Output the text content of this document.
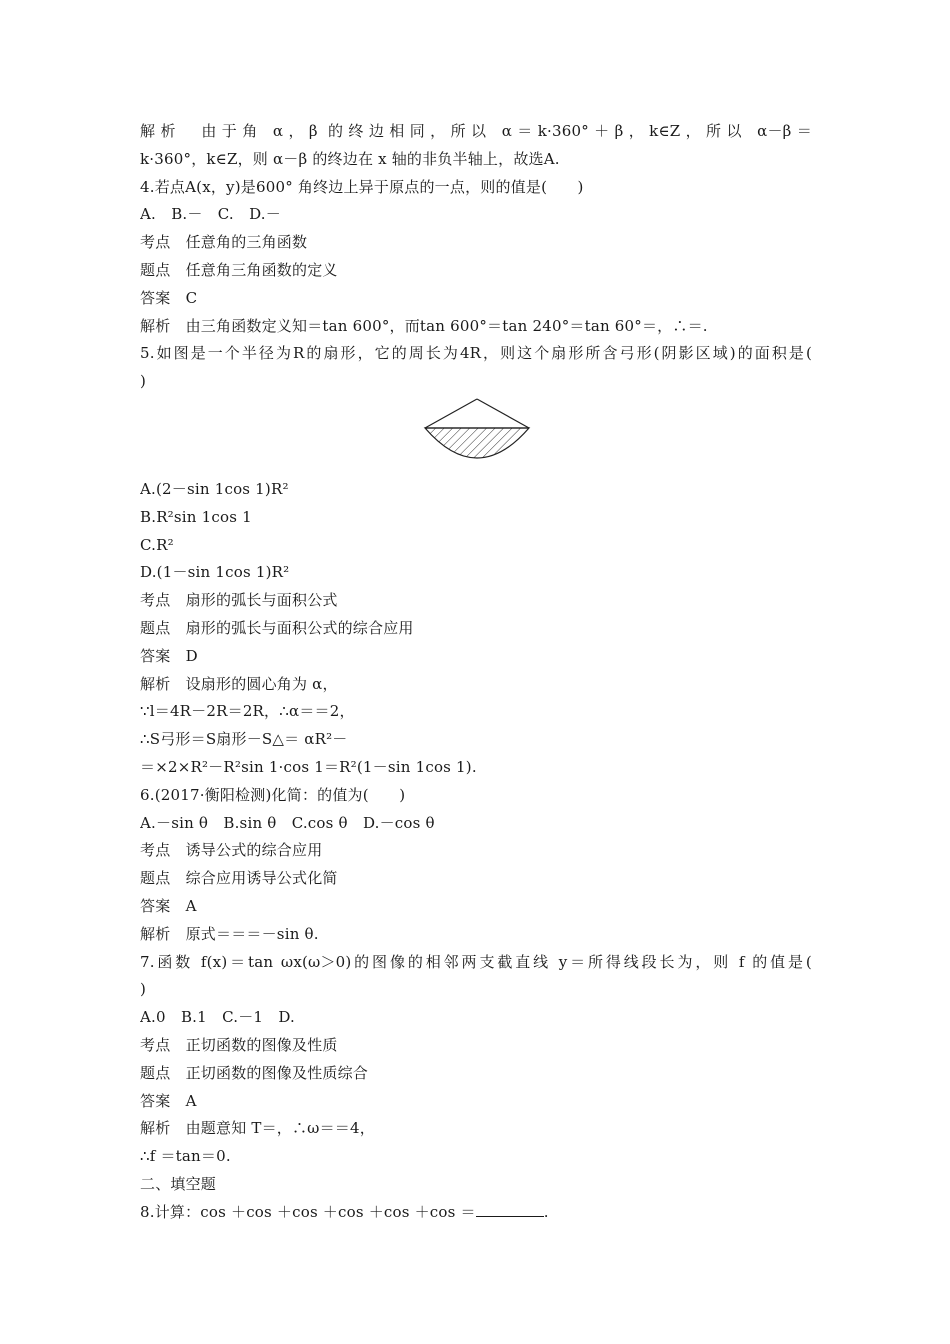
解析　由于角 α，β 的终边相同，所以 α＝k·360°＋β，k∈Z，所以 α－β＝
k·360°，k∈Z，则 α－β 的终边在 x 轴的非负半轴上，故选A.
4.若点A(x，y)是600° 角终边上异于原点的一点，则的值是(　　)
A.　B.－　C.　D.－
考点　任意角的三角函数
题点　任意角三角函数的定义
答案　C
解析　由三角函数定义知＝tan 600°，而tan 600°＝tan 240°＝tan 60°＝，∴＝.
5.如图是一个半径为R的扇形，它的周长为4R，则这个扇形所含弓形(阴影区域)的面积是(
)
A.(2－sin 1cos 1)R²
B.R²sin 1cos 1
C.R²
D.(1－sin 1cos 1)R²
考点　扇形的弧长与面积公式
题点　扇形的弧长与面积公式的综合应用
答案　D
解析　设扇形的圆心角为 α，
∵l＝4R－2R＝2R，∴α＝＝2，
∴S弓形＝S扇形－S△＝ αR²－
＝×2×R²－R²sin 1·cos 1＝R²(1－sin 1cos 1).
6.(2017·衡阳检测)化简：的值为(　　)
A.－sin θ　B.sin θ　C.cos θ　D.－cos θ
考点　诱导公式的综合应用
题点　综合应用诱导公式化简
答案　A
解析　原式＝＝＝－sin θ.
7.函数 f(x)＝tan ωx(ω＞0)的图像的相邻两支截直线 y＝所得线段长为，则 f 的值是(
)
A.0　B.1　C.－1　D.
考点　正切函数的图像及性质
题点　正切函数的图像及性质综合
答案　A
解析　由题意知 T＝，∴ω＝＝4，
∴f ＝tan＝0.
二、填空题
8.计算：cos ＋cos ＋cos ＋cos ＋cos ＋cos ＝	.
